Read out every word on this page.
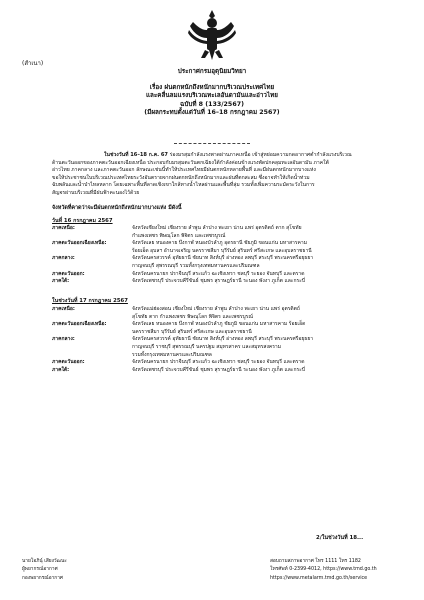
(สำเนา)
ประกาศกรมอุตุนิยมวิทยา
เรื่อง ฝนตกหนักถึงหนักมากบริเวณประเทศไทย
และคลื่นลมแรงบริเวณทะเลอันดามันและอ่าวไทย
ฉบับที่ 8 (133/2567)
(มีผลกระทบตั้งแต่วันที่ 16–18 กรกฎาคม 2567)
ในช่วงวันที่ 16–18 ก.ค. 67 ร่องมรสุมกำลังแรงพาดผ่านภาคเหนือ เข้าสู่หย่อมความกดอากาศต่ำกำลังแรงบริเวณ
ด้านตะวันออกของภาคตะวันออกเฉียงเหนือ ประกอบกับมรสุมตะวันตกเฉียงใต้กำลังค่อนข้างแรงพัดปกคลุมทะเลอันดามัน ภาคใต้
อ่าวไทย ภาคกลาง และภาคตะวันออก ลักษณะเช่นนี้ทำให้ประเทศไทยมีฝนตกหนักหลายพื้นที่ และมีฝนตกหนักมากบางแห่ง
ขอให้ประชาชนในบริเวณประเทศไทยระวังอันตรายจากฝนตกหนักถึงหนักมากและฝนที่ตกสะสม ซึ่งอาจทำให้เกิดน้ำท่วม
ฉับพลันและน้ำป่าไหลหลาก โดยเฉพาะพื้นที่ลาดเชิงเขาใกล้ทางน้ำไหลผ่านและพื้นที่ลุ่ม รวมทั้งเพิ่มความระมัดระวังในการ
สัญจรผ่านบริเวณที่มีฝนฟ้าคะนองไว้ด้วย
จังหวัดที่คาดว่าจะมีฝนตกหนักถึงหนักมากบางแห่ง มีดังนี้
วันที่ 16 กรกฎาคม 2567
ภาคเหนือ:	จังหวัดเชียงใหม่ เชียงราย ลำพูน ลำปาง พะเยา น่าน แพร่ อุตรดิตถ์ ตาก สุโขทัย
กำแพงเพชร พิษณุโลก พิจิตร และเพชรบูรณ์
ภาคตะวันออกเฉียงเหนือ:	จังหวัดเลย หนองคาย บึงกาฬ หนองบัวลำภู อุดรธานี ชัยภูมิ ขอนแก่น มหาสารคาม
ร้อยเอ็ด อุบลฯ อำนาจเจริญ นครราชสีมา บุรีรัมย์ สุรินทร์ ศรีสะเกษ และอุบลราชธานี
ภาคกลาง:	จังหวัดนครสวรรค์ อุทัยธานี ชัยนาท สิงห์บุรี อ่างทอง ลพบุรี สระบุรี พระนครศรีอยุธยา
กาญจนบุรี สุพรรณบุรี รวมทั้งกรุงเทพมหานครและปริมณฑล
ภาคตะวันออก:	จังหวัดนครนายก ปราจีนบุรี สระแก้ว ฉะเชิงเทรา ชลบุรี ระยอง จันทบุรี และตราด
ภาคใต้:	จังหวัดเพชรบุรี ประจวบคีรีขันธ์ ชุมพร สุราษฎร์ธานี ระนอง พังงา ภูเก็ต และกระบี่
ในช่วงวันที่ 17 กรกฎาคม 2567
ภาคเหนือ:	จังหวัดแม่ฮ่องสอน เชียงใหม่ เชียงราย ลำพูน ลำปาง พะเยา น่าน แพร่ อุตรดิตถ์
สุโขทัย ตาก กำแพงเพชร พิษณุโลก พิจิตร และเพชรบูรณ์
ภาคตะวันออกเฉียงเหนือ:	จังหวัดเลย หนองคาย บึงกาฬ หนองบัวลำภู ชัยภูมิ ขอนแก่น มหาสารคาม ร้อยเอ็ด
นครราชสีมา บุรีรัมย์ สุรินทร์ ศรีสะเกษ และอุบลราชธานี
ภาคกลาง:	จังหวัดนครสวรรค์ อุทัยธานี ชัยนาท สิงห์บุรี อ่างทอง ลพบุรี สระบุรี พระนครศรีอยุธยา
กาญจนบุรี ราชบุรี สุพรรณบุรี นครปฐม สมุทรสาคร และสมุทรสงคราม
รวมทั้งกรุงเทพมหานครและปริมณฑล
ภาคตะวันออก:	จังหวัดนครนายก ปราจีนบุรี สระแก้ว ฉะเชิงเทรา ชลบุรี ระยอง จันทบุรี และตราด
ภาคใต้:	จังหวัดเพชรบุรี ประจวบคีรีขันธ์ ชุมพร สุราษฎร์ธานี ระนอง พังงา ภูเก็ต และกระบี่
2/ในช่วงวันที่ 18...
นายโอภินุ์ เสียงวัฒนะ
ผู้พยากรณ์อากาศ
กองพยากรณ์อากาศ
สอบถามสภาพอากาศ โทร 1111 โทร 1182
โทรศัพท์ 0-2399-4012, https://www.tmd.go.th
https://www.metalarm.tmd.go.th/service
